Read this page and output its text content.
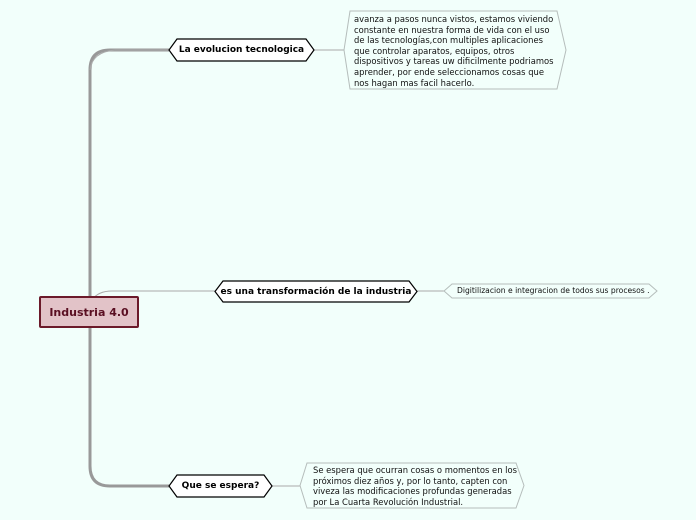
Industria 4.0
La evolucion tecnologica
es una transformación de la industria
Que se espera?
avanza a pasos nunca vistos, estamos viviendo constante en nuestra forma de vida con el uso de las tecnologías,con multiples aplicaciones que controlar aparatos, equipos, otros dispositivos y tareas uw dificilmente podriamos aprender, por ende seleccionamos cosas que nos hagan mas facil hacerlo.
Digitilizacion e integracion de todos sus procesos .
Se espera que ocurran cosas o momentos en los próximos diez años y, por lo tanto, capten con viveza las modificaciones profundas generadas por La Cuarta Revolución Industrial.
